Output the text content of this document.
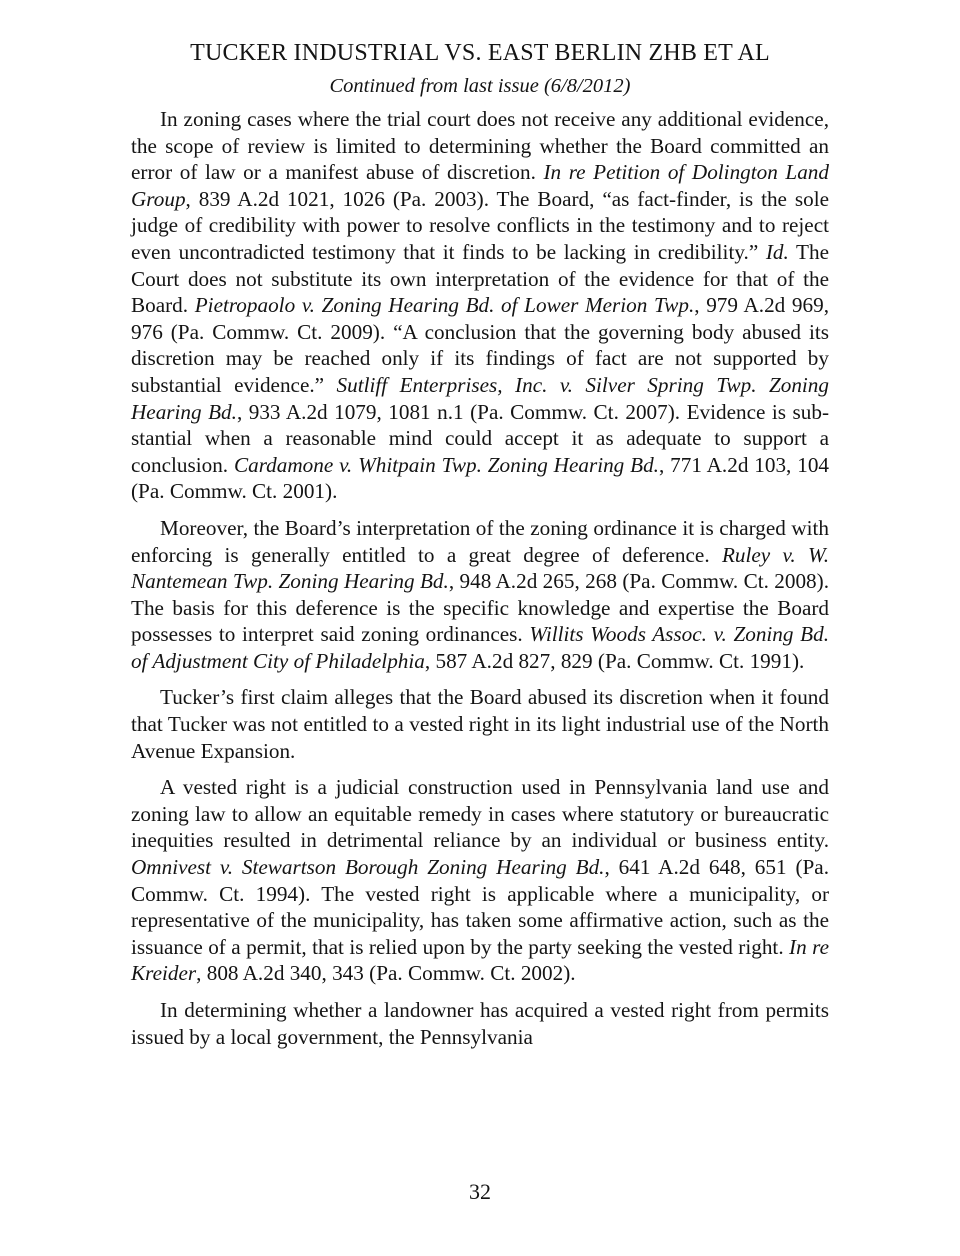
TUCKER INDUSTRIAL VS. EAST BERLIN ZHB ET AL
Continued from last issue (6/8/2012)

In zoning cases where the trial court does not receive any additional evidence, the scope of review is limited to determining whether the Board committed an error of law or a manifest abuse of discretion. In re Petition of Dolington Land Group, 839 A.2d 1021, 1026 (Pa. 2003). The Board, “as fact-finder, is the sole judge of credibility with power to resolve conflicts in the testimony and to reject even uncontradicted testimony that it finds to be lacking in credibility.” Id. The Court does not substitute its own interpretation of the evidence for that of the Board. Pietropaolo v. Zoning Hearing Bd. of Lower Merion Twp., 979 A.2d 969, 976 (Pa. Commw. Ct. 2009). “A conclusion that the governing body abused its discretion may be reached only if its findings of fact are not supported by substantial evidence.” Sutliff Enterprises, Inc. v. Silver Spring Twp. Zoning Hearing Bd., 933 A.2d 1079, 1081 n.1 (Pa. Commw. Ct. 2007). Evidence is substantial when a reasonable mind could accept it as adequate to support a conclusion. Cardamone v. Whitpain Twp. Zoning Hearing Bd., 771 A.2d 103, 104 (Pa. Commw. Ct. 2001).

Moreover, the Board’s interpretation of the zoning ordinance it is charged with enforcing is generally entitled to a great degree of deference. Ruley v. W. Nantemean Twp. Zoning Hearing Bd., 948 A.2d 265, 268 (Pa. Commw. Ct. 2008). The basis for this deference is the specific knowledge and expertise the Board possesses to interpret said zoning ordinances. Willits Woods Assoc. v. Zoning Bd. of Adjustment City of Philadelphia, 587 A.2d 827, 829 (Pa. Commw. Ct. 1991).

Tucker’s first claim alleges that the Board abused its discretion when it found that Tucker was not entitled to a vested right in its light industrial use of the North Avenue Expansion.

A vested right is a judicial construction used in Pennsylvania land use and zoning law to allow an equitable remedy in cases where statutory or bureaucratic inequities resulted in detrimental reliance by an individual or business entity. Omnivest v. Stewartson Borough Zoning Hearing Bd., 641 A.2d 648, 651 (Pa. Commw. Ct. 1994). The vested right is applicable where a municipality, or representative of the municipality, has taken some affirmative action, such as the issuance of a permit, that is relied upon by the party seeking the vested right. In re Kreider, 808 A.2d 340, 343 (Pa. Commw. Ct. 2002).

In determining whether a landowner has acquired a vested right from permits issued by a local government, the Pennsylvania

32
